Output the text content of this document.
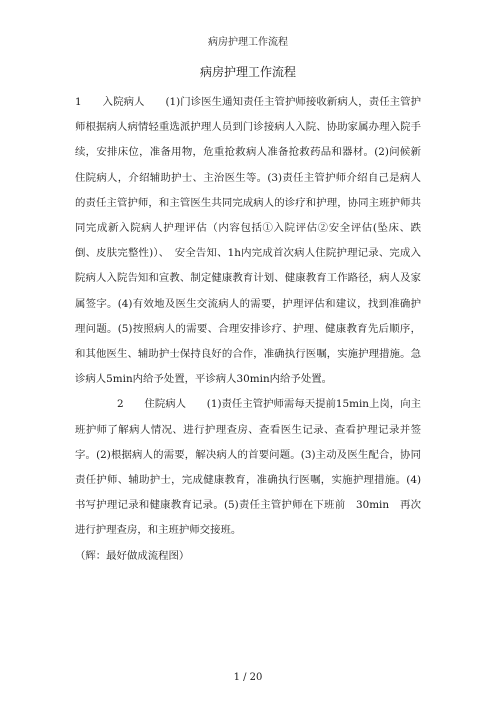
病房护理工作流程
病房护理工作流程

1　　入院病人　　(1)门诊医生通知责任主管护师接收新病人，责任主管护师根据病人病情轻重选派护理人员到门诊接病人入院、协助家属办理入院手续，安排床位，准备用物，危重抢救病人准备抢救药品和器材。(2)问候新住院病人，介绍辅助护士、主治医生等。(3)责任主管护师介绍自己是病人的责任主管护师，和主管医生共同完成病人的诊疗和护理，协同主班护师共同完成新入院病人护理评估（内容包括①入院评估②安全评估(坠床、跌倒、皮肤完整性)）、　安全告知、1h内完成首次病人住院护理记录、完成入院病人入院告知和宣教、制定健康教育计划、健康教育工作路径，病人及家属签字。(4)有效地及医生交流病人的需要，护理评估和建议，找到准确护理问题。(5)按照病人的需要、合理安排诊疗、护理、健康教育先后顺序，和其他医生、辅助护士保持良好的合作，准确执行医嘱，实施护理措施。急诊病人5min内给予处置，平诊病人30min内给予处置。

2　　住院病人　　(1)责任主管护师需每天提前15min上岗，向主班护师了解病人情况、进行护理查房、查看医生记录、查看护理记录并签字。(2)根据病人的需要，解决病人的首要问题。(3)主动及医生配合，协同责任护师、辅助护士，完成健康教育，准确执行医嘱，实施护理措施。(4)书写护理记录和健康教育记录。(5)责任主管护师在下班前　30min　再次进行护理查房，和主班护师交接班。

（辉：最好做成流程图）

1 / 20
